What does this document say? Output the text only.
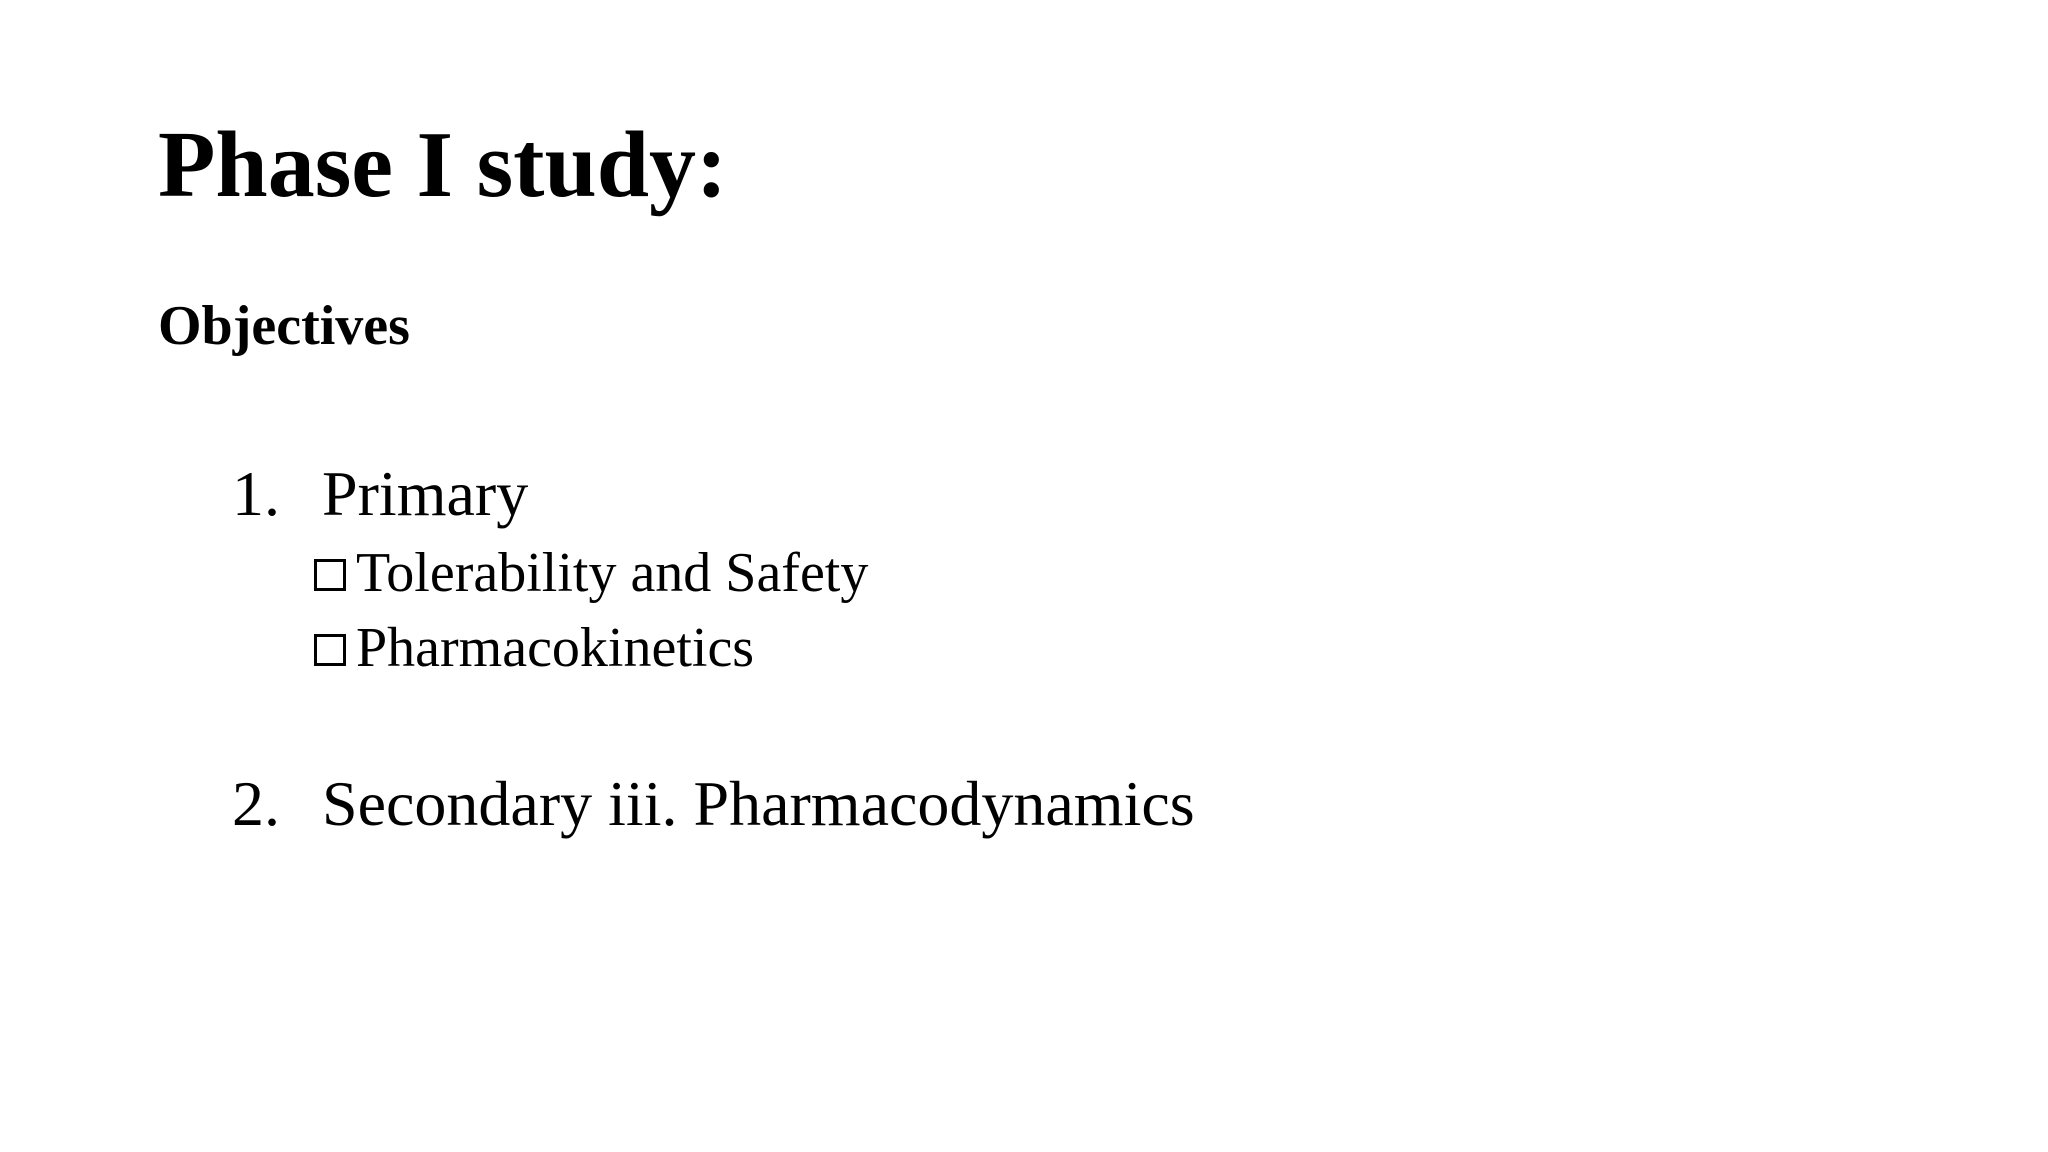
Phase I study:
Objectives
1. Primary
Tolerability and Safety
Pharmacokinetics
2. Secondary iii. Pharmacodynamics
